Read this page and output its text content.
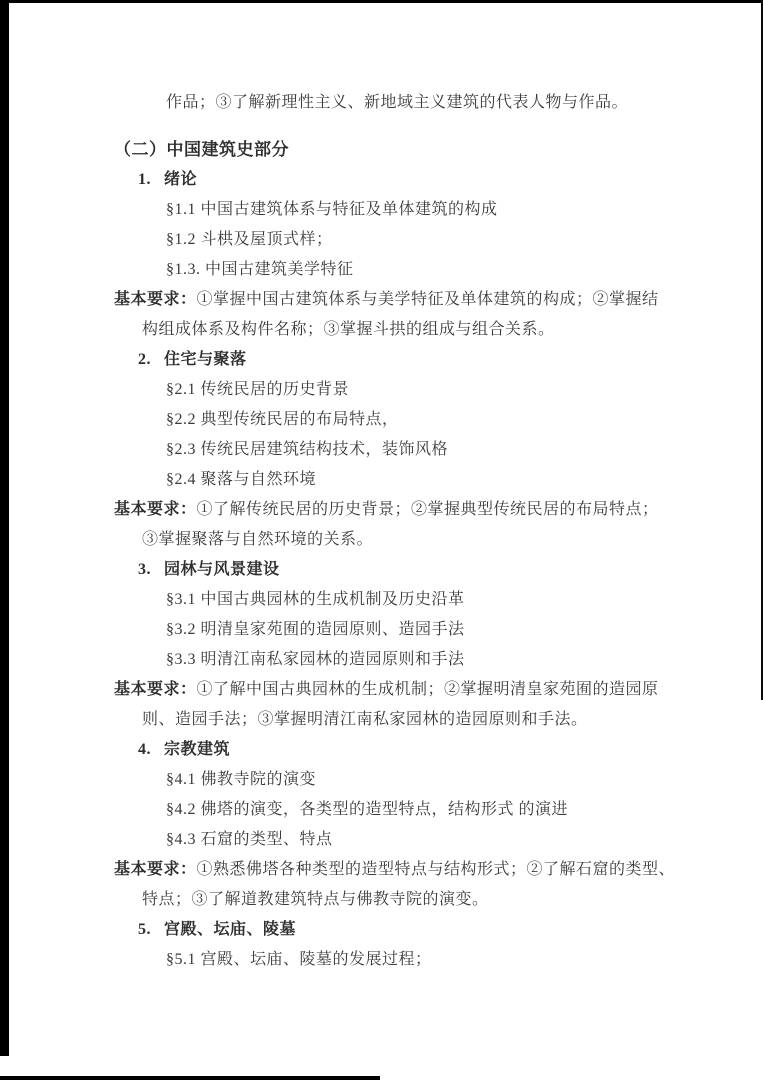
作品；③了解新理性主义、新地域主义建筑的代表人物与作品。
（二）中国建筑史部分
1. 绪论
§1.1 中国古建筑体系与特征及单体建筑的构成
§1.2 斗栱及屋顶式样；
§1.3. 中国古建筑美学特征
基本要求：①掌握中国古建筑体系与美学特征及单体建筑的构成；②掌握结
构组成体系及构件名称；③掌握斗拱的组成与组合关系。
2. 住宅与聚落
§2.1 传统民居的历史背景
§2.2 典型传统民居的布局特点，
§2.3 传统民居建筑结构技术，装饰风格
§2.4 聚落与自然环境
基本要求：①了解传统民居的历史背景；②掌握典型传统民居的布局特点；
③掌握聚落与自然环境的关系。
3. 园林与风景建设
§3.1 中国古典园林的生成机制及历史沿革
§3.2 明清皇家苑囿的造园原则、造园手法
§3.3 明清江南私家园林的造园原则和手法
基本要求：①了解中国古典园林的生成机制；②掌握明清皇家苑囿的造园原
则、造园手法；③掌握明清江南私家园林的造园原则和手法。
4. 宗教建筑
§4.1 佛教寺院的演变
§4.2 佛塔的演变，各类型的造型特点，结构形式 的演进
§4.3 石窟的类型、特点
基本要求：①熟悉佛塔各种类型的造型特点与结构形式；②了解石窟的类型、
特点；③了解道教建筑特点与佛教寺院的演变。
5. 宫殿、坛庙、陵墓
§5.1 宫殿、坛庙、陵墓的发展过程；
